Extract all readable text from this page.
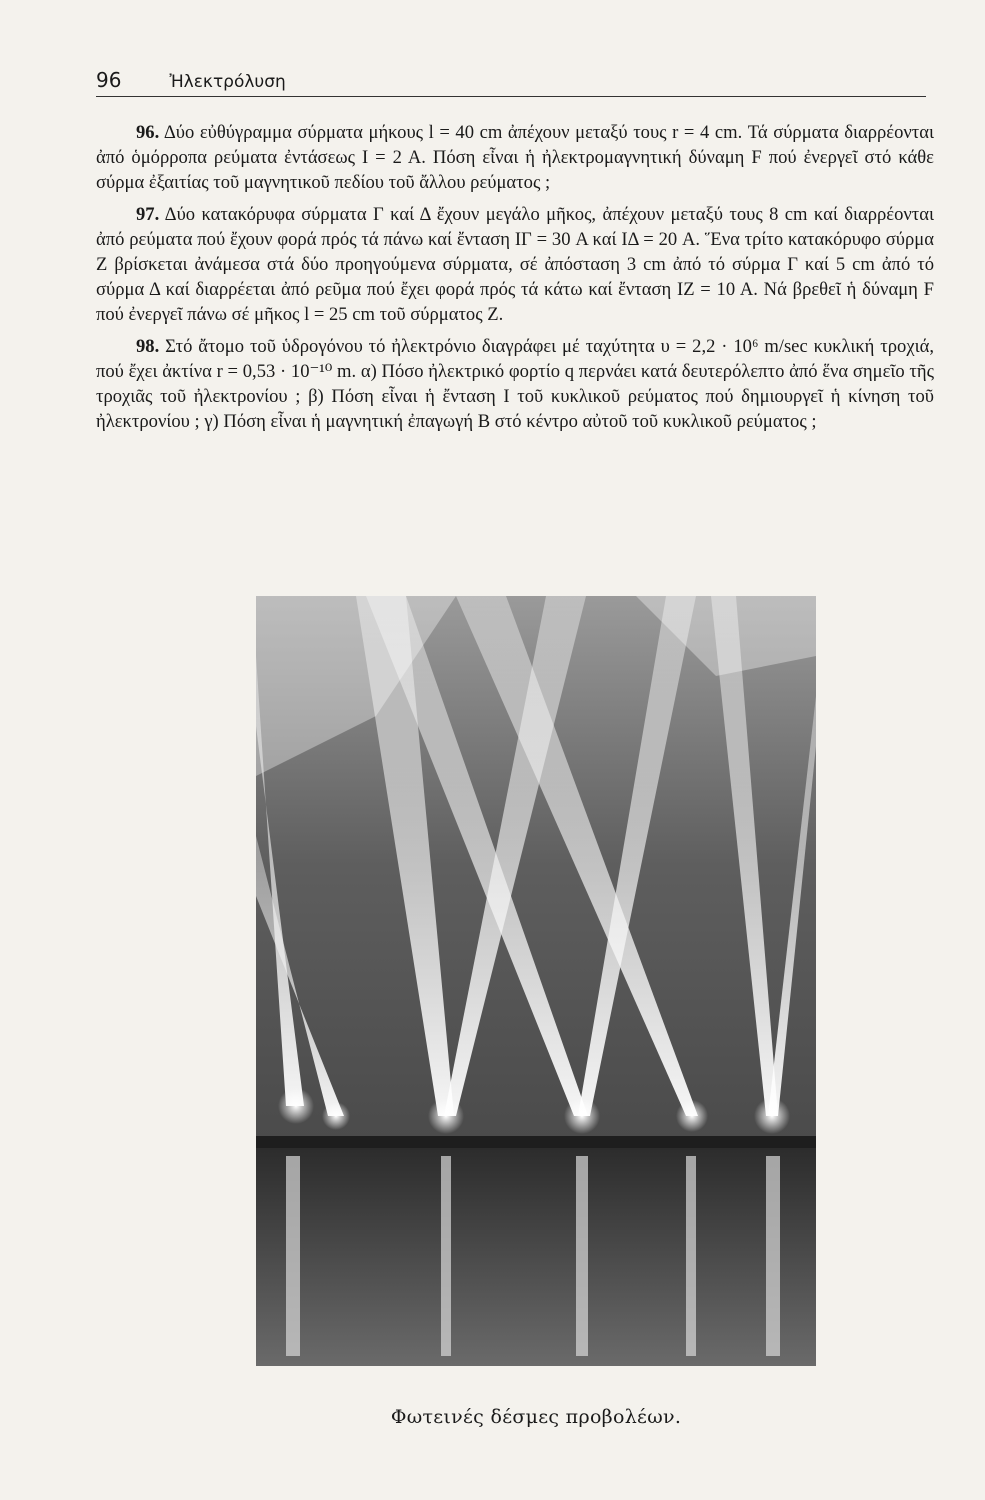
96	Ἠλεκτρόλυση

96. Δύο εὐθύγραμμα σύρματα μήκους l = 40 cm ἀπέχουν μεταξύ τους r = 4 cm. Τά σύρματα διαρρέονται ἀπό ὁμόρροπα ρεύματα ἐντάσεως I = 2 A. Πόση εἶναι ἡ ἠλεκτρομαγνητική δύναμη F πού ἐνεργεῖ στό κάθε σύρμα ἐξαιτίας τοῦ μαγνητικοῦ πεδίου τοῦ ἄλλου ρεύματος ;

97. Δύο κατακόρυφα σύρματα Γ καί Δ ἔχουν μεγάλο μῆκος, ἀπέχουν μεταξύ τους 8 cm καί διαρρέονται ἀπό ρεύματα πού ἔχουν φορά πρός τά πάνω καί ἔνταση IΓ = 30 A καί IΔ = 20 A. Ἕνα τρίτο κατακόρυφο σύρμα Z βρίσκεται ἀνάμεσα στά δύο προηγούμενα σύρματα, σέ ἀπόσταση 3 cm ἀπό τό σύρμα Γ καί 5 cm ἀπό τό σύρμα Δ καί διαρρέεται ἀπό ρεῦμα πού ἔχει φορά πρός τά κάτω καί ἔνταση IZ = 10 A. Νά βρεθεῖ ἡ δύναμη F πού ἐνεργεῖ πάνω σέ μῆκος l = 25 cm τοῦ σύρματος Z.

98. Στό ἄτομο τοῦ ὑδρογόνου τό ἠλεκτρόνιο διαγράφει μέ ταχύτητα υ = 2,2 · 10⁶ m/sec κυκλική τροχιά, πού ἔχει ἀκτίνα r = 0,53 · 10⁻¹⁰ m. α) Πόσο ἠλεκτρικό φορτίο q περνάει κατά δευτερόλεπτο ἀπό ἕνα σημεῖο τῆς τροχιᾶς τοῦ ἠλεκτρονίου ; β) Πόση εἶναι ἡ ἔνταση I τοῦ κυκλικοῦ ρεύματος πού δημιουργεῖ ἡ κίνηση τοῦ ἠλεκτρονίου ; γ) Πόση εἶναι ἡ μαγνητική ἐπαγωγή B στό κέντρο αὐτοῦ τοῦ κυκλικοῦ ρεύματος ;

Φωτεινές δέσμες προβολέων.
